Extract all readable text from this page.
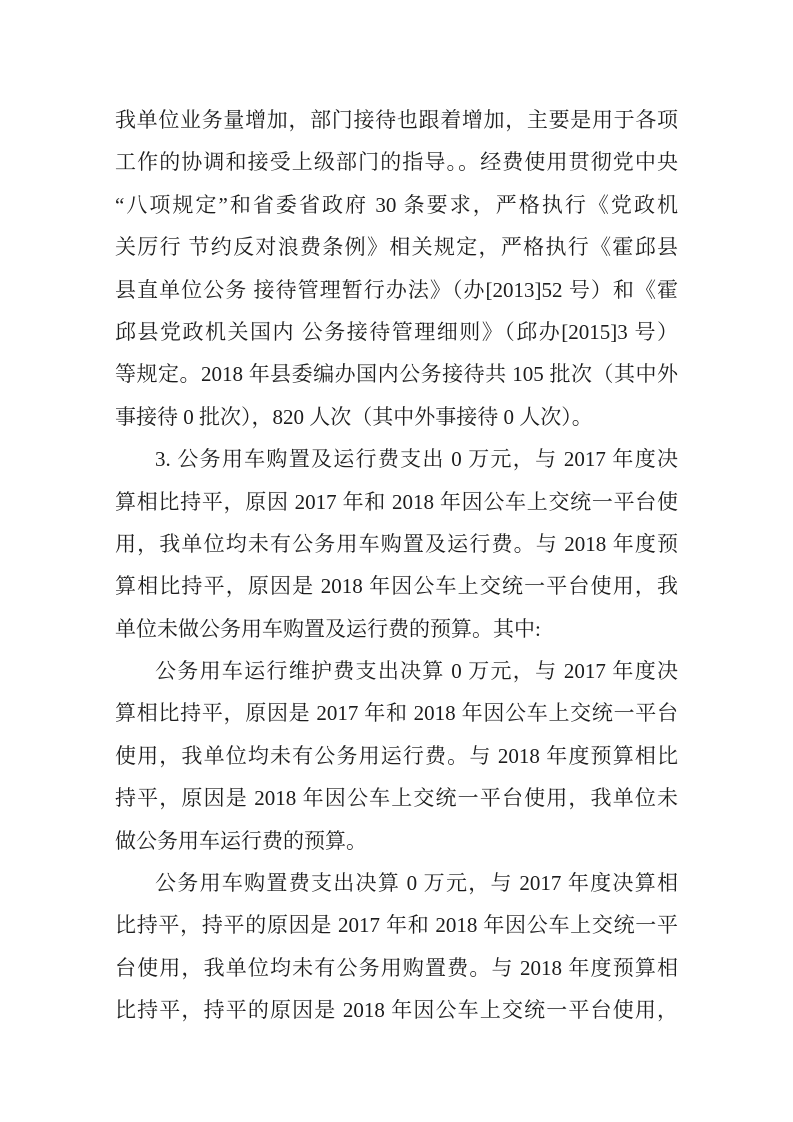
我单位业务量增加，部门接待也跟着增加，主要是用于各项
工作的协调和接受上级部门的指导。。经费使用贯彻党中央
“八项规定”和省委省政府 30 条要求，严格执行《党政机
关厉行 节约反对浪费条例》相关规定，严格执行《霍邱县
县直单位公务 接待管理暂行办法》（办[2013]52 号）和《霍
邱县党政机关国内 公务接待管理细则》（邱办[2015]3 号）
等规定。2018 年县委编办国内公务接待共 105 批次（其中外
事接待 0 批次），820 人次（其中外事接待 0 人次）。
3. 公务用车购置及运行费支出 0 万元，与 2017 年度决
算相比持平，原因 2017 年和 2018 年因公车上交统一平台使
用，我单位均未有公务用车购置及运行费。与 2018 年度预
算相比持平，原因是 2018 年因公车上交统一平台使用，我
单位未做公务用车购置及运行费的预算。其中:
公务用车运行维护费支出决算 0 万元，与 2017 年度决
算相比持平，原因是 2017 年和 2018 年因公车上交统一平台
使用，我单位均未有公务用运行费。与 2018 年度预算相比
持平，原因是 2018 年因公车上交统一平台使用，我单位未
做公务用车运行费的预算。
公务用车购置费支出决算 0 万元，与 2017 年度决算相
比持平，持平的原因是 2017 年和 2018 年因公车上交统一平
台使用，我单位均未有公务用购置费。与 2018 年度预算相
比持平，持平的原因是 2018 年因公车上交统一平台使用，
